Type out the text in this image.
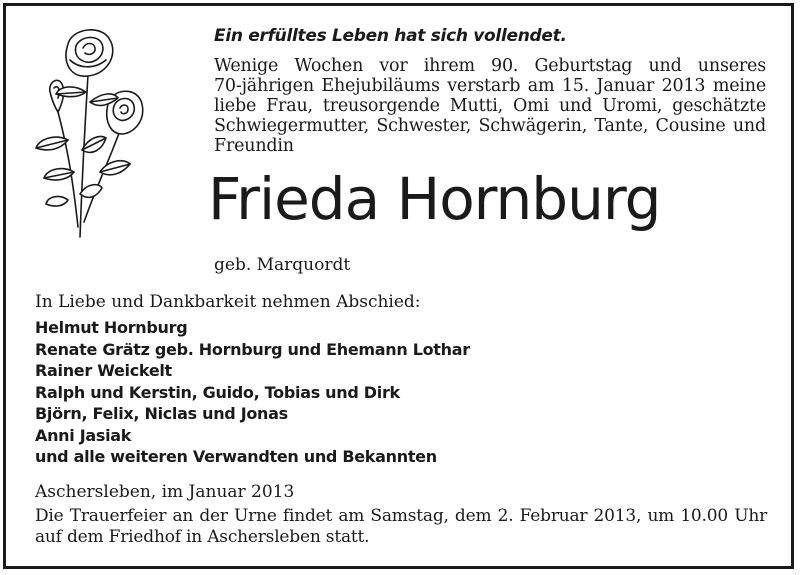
Ein erfülltes Leben hat sich vollendet.

Wenige Wochen vor ihrem 90. Geburtstag und unseres
70-jährigen Ehejubiläums verstarb am 15. Januar 2013 meine
liebe Frau, treusorgende Mutti, Omi und Uromi, geschätzte
Schwiegermutter, Schwester, Schwägerin, Tante, Cousine und
Freundin

Frieda Hornburg

geb. Marquordt

In Liebe und Dankbarkeit nehmen Abschied:

Helmut Hornburg
Renate Grätz geb. Hornburg und Ehemann Lothar
Rainer Weickelt
Ralph und Kerstin, Guido, Tobias und Dirk
Björn, Felix, Niclas und Jonas
Anni Jasiak
und alle weiteren Verwandten und Bekannten

Aschersleben, im Januar 2013

Die Trauerfeier an der Urne findet am Samstag, dem 2. Februar 2013, um 10.00 Uhr
auf dem Friedhof in Aschersleben statt.
